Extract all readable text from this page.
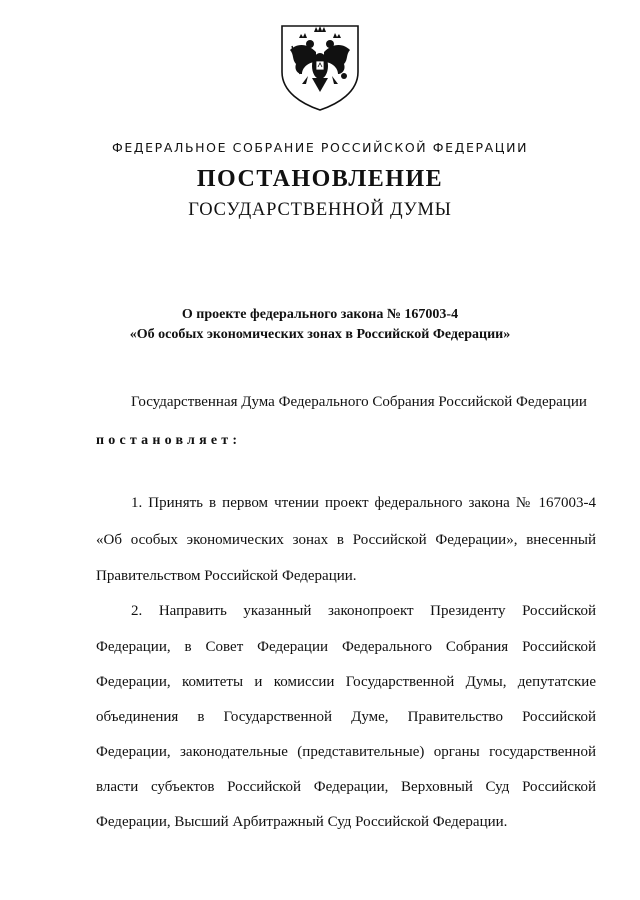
ФЕДЕРАЛЬНОЕ СОБРАНИЕ РОССИЙСКОЙ ФЕДЕРАЦИИ
ПОСТАНОВЛЕНИЕ
ГОСУДАРСТВЕННОЙ ДУМЫ
О проекте федерального закона № 167003-4
«Об особых экономических зонах в Российской Федерации»
Государственная Дума Федерального Собрания Российской Федерации
постановляет:
1. Принять в первом чтении проект федерального закона № 167003-4
«Об особых экономических зонах в Российской Федерации», внесенный
Правительством Российской Федерации.
2. Направить указанный законопроект Президенту Российской
Федерации, в Совет Федерации Федерального Собрания Российской
Федерации, комитеты и комиссии Государственной Думы, депутатские
объединения в Государственной Думе, Правительство Российской
Федерации, законодательные (представительные) органы государственной
власти субъектов Российской Федерации, Верховный Суд Российской
Федерации, Высший Арбитражный Суд Российской Федерации.
